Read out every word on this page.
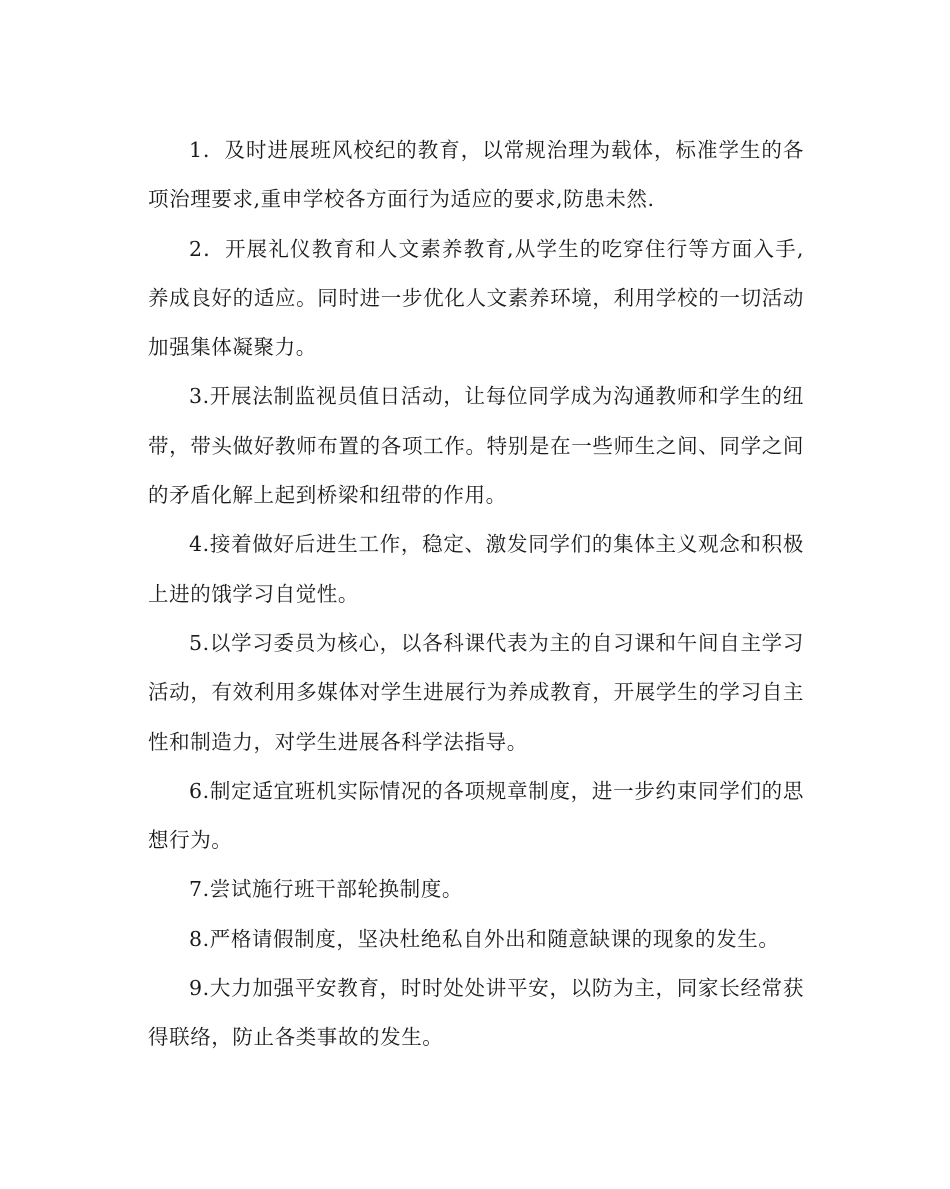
1．及时进展班风校纪的教育，以常规治理为载体，标准学生的各项治理要求,重申学校各方面行为适应的要求,防患未然.

2．开展礼仪教育和人文素养教育,从学生的吃穿住行等方面入手,养成良好的适应。同时进一步优化人文素养环境，利用学校的一切活动加强集体凝聚力。

3.开展法制监视员值日活动，让每位同学成为沟通教师和学生的纽带，带头做好教师布置的各项工作。特别是在一些师生之间、同学之间的矛盾化解上起到桥梁和纽带的作用。

4.接着做好后进生工作，稳定、激发同学们的集体主义观念和积极上进的饿学习自觉性。

5.以学习委员为核心，以各科课代表为主的自习课和午间自主学习活动，有效利用多媒体对学生进展行为养成教育，开展学生的学习自主性和制造力，对学生进展各科学法指导。

6.制定适宜班机实际情况的各项规章制度，进一步约束同学们的思想行为。

7.尝试施行班干部轮换制度。

8.严格请假制度，坚决杜绝私自外出和随意缺课的现象的发生。

9.大力加强平安教育，时时处处讲平安，以防为主，同家长经常获得联络，防止各类事故的发生。
